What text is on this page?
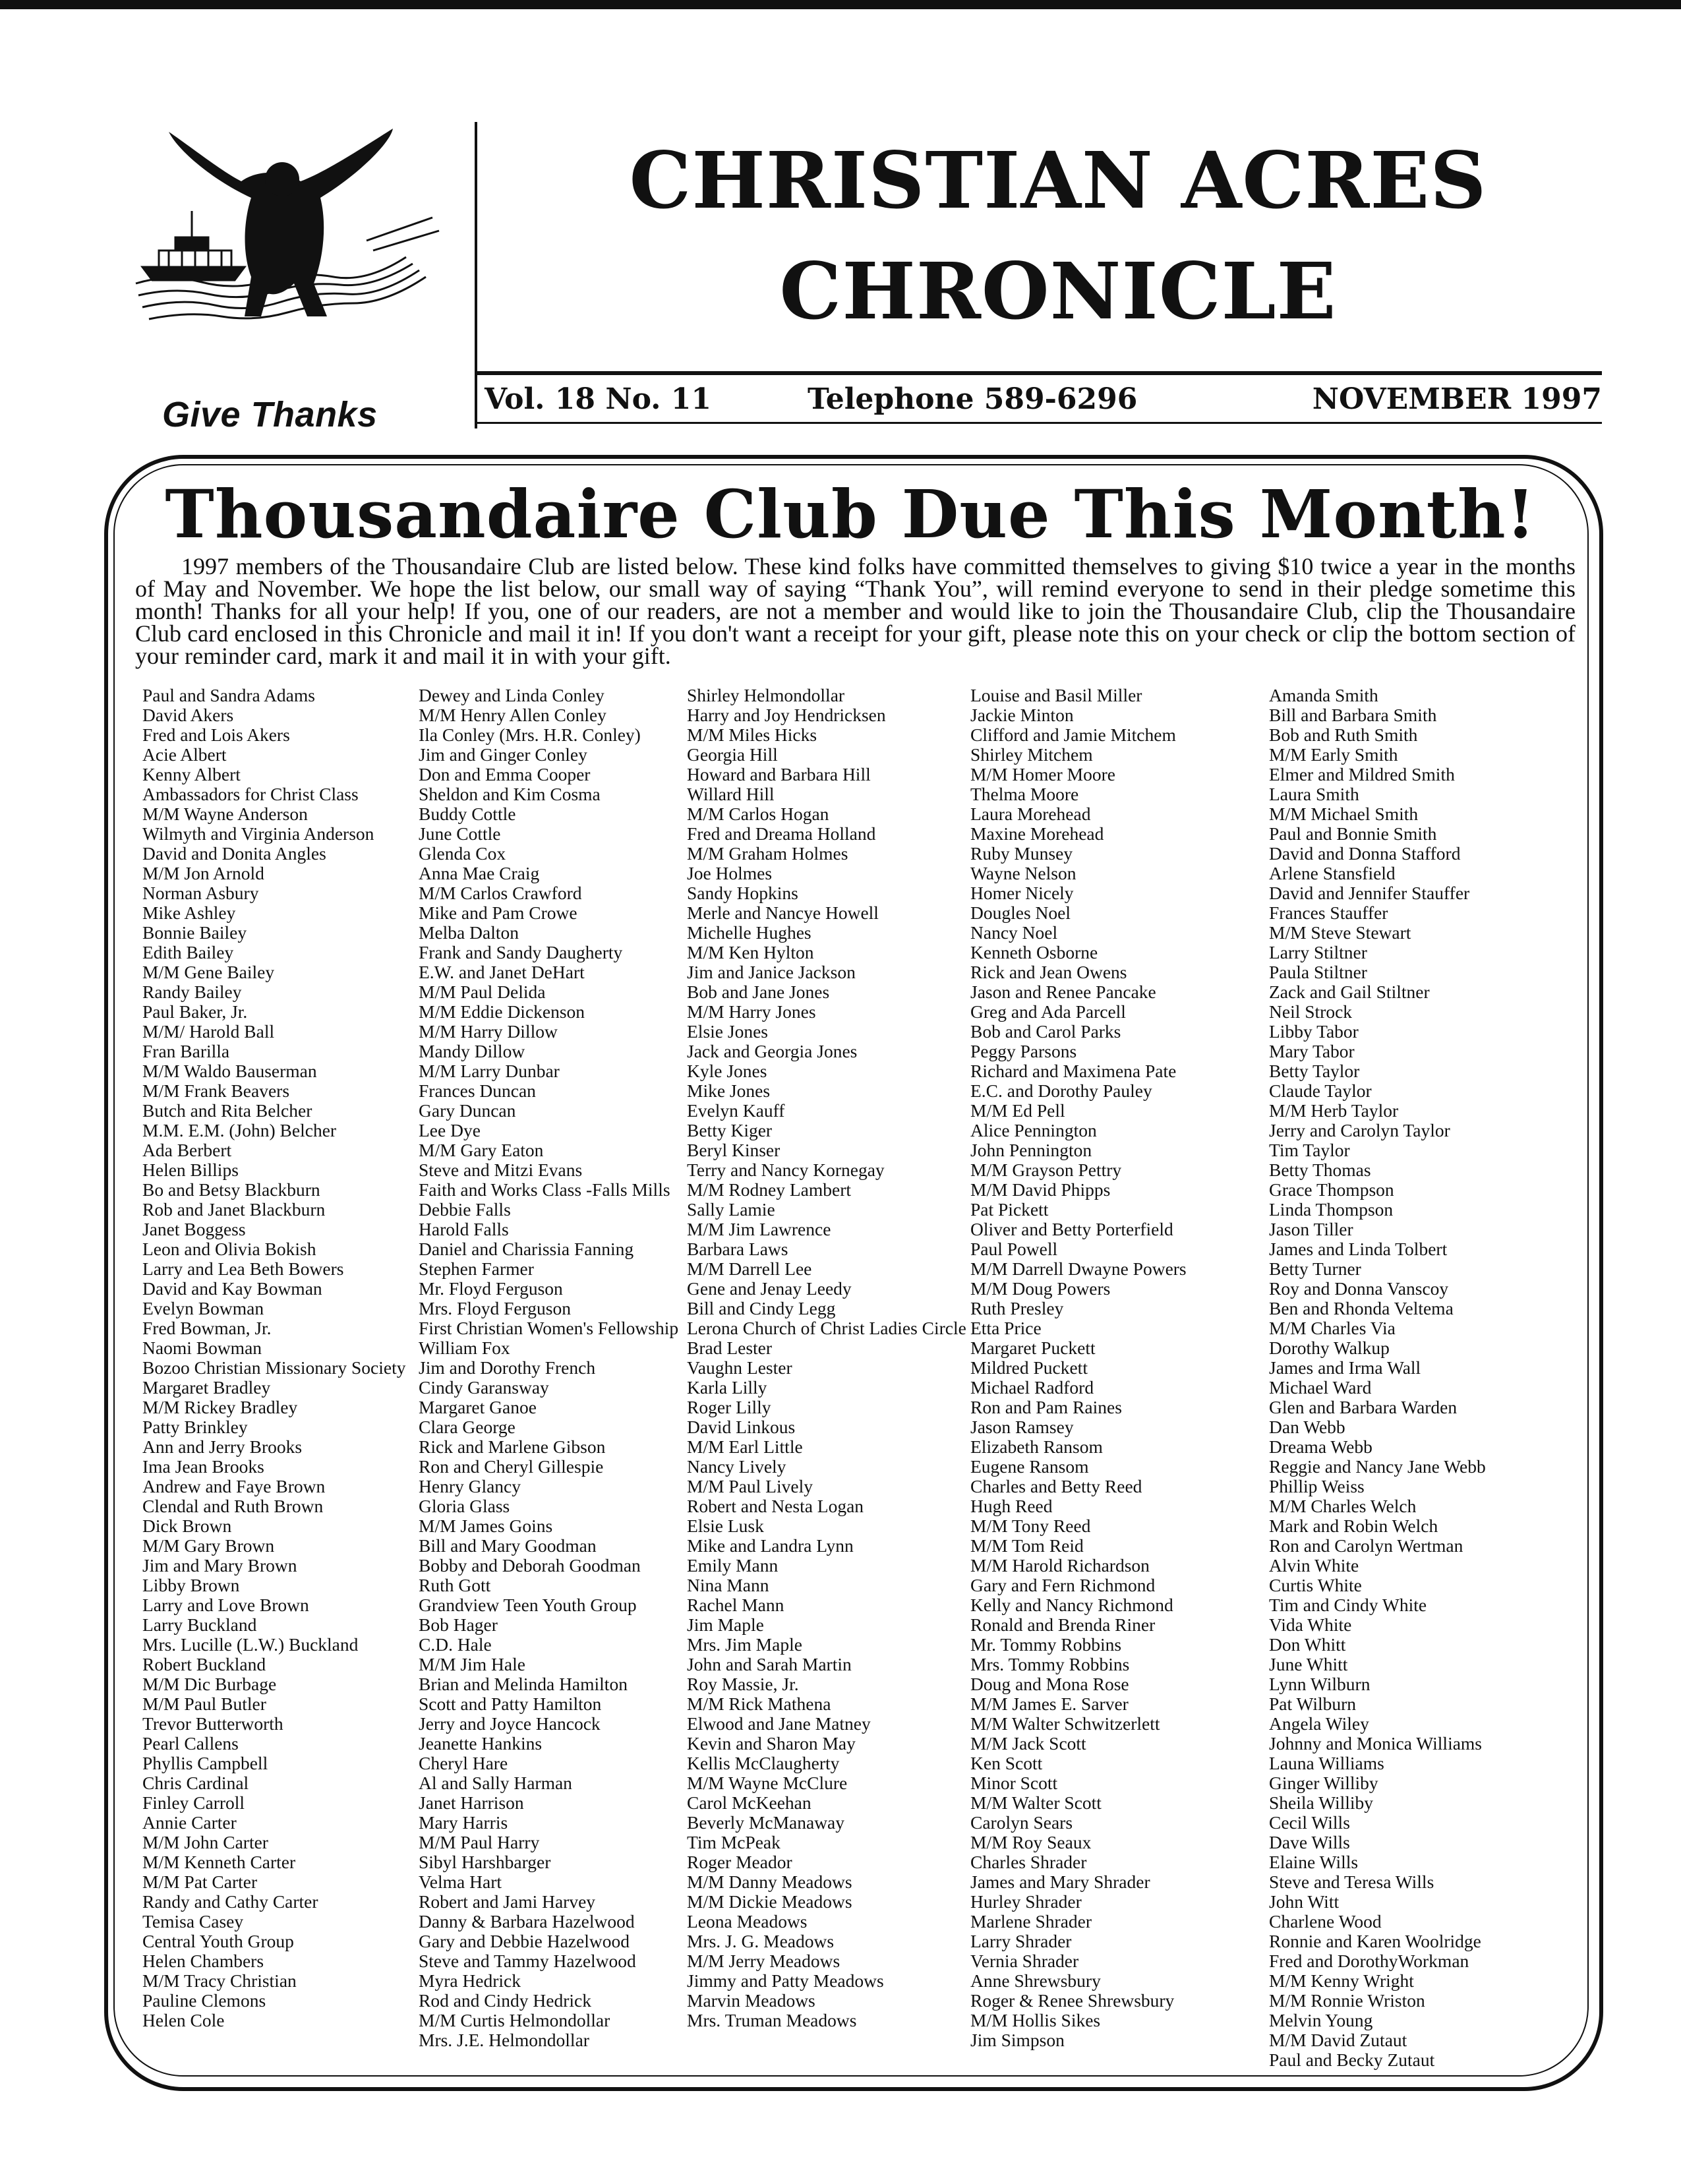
Give Thanks
CHRISTIAN ACRES
CHRONICLE
Vol. 18 No. 11	Telephone 589-6296	NOVEMBER 1997
Thousandaire Club Due This Month!
1997 members of the Thousandaire Club are listed below. These kind folks have committed themselves to giving $10 twice a year in the months of May and November. We hope the list below, our small way of saying “Thank You”, will remind everyone to send in their pledge sometime this month! Thanks for all your help! If you, one of our readers, are not a member and would like to join the Thousandaire Club, clip the Thousandaire Club card enclosed in this Chronicle and mail it in! If you don't want a receipt for your gift, please note this on your check or clip the bottom section of your reminder card, mark it and mail it in with your gift.
Paul and Sandra Adams
David Akers
Fred and Lois Akers
Acie Albert
Kenny Albert
Ambassadors for Christ Class
M/M Wayne Anderson
Wilmyth and Virginia Anderson
David and Donita Angles
M/M Jon Arnold
Norman Asbury
Mike Ashley
Bonnie Bailey
Edith Bailey
M/M Gene Bailey
Randy Bailey
Paul Baker, Jr.
M/M/ Harold Ball
Fran Barilla
M/M Waldo Bauserman
M/M Frank Beavers
Butch and Rita Belcher
M.M. E.M. (John) Belcher
Ada Berbert
Helen Billips
Bo and Betsy Blackburn
Rob and Janet Blackburn
Janet Boggess
Leon and Olivia Bokish
Larry and Lea Beth Bowers
David and Kay Bowman
Evelyn Bowman
Fred Bowman, Jr.
Naomi Bowman
Bozoo Christian Missionary Society
Margaret Bradley
M/M Rickey Bradley
Patty Brinkley
Ann and Jerry Brooks
Ima Jean Brooks
Andrew and Faye Brown
Clendal and Ruth Brown
Dick Brown
M/M Gary Brown
Jim and Mary Brown
Libby Brown
Larry and Love Brown
Larry Buckland
Mrs. Lucille (L.W.) Buckland
Robert Buckland
M/M Dic Burbage
M/M Paul Butler
Trevor Butterworth
Pearl Callens
Phyllis Campbell
Chris Cardinal
Finley Carroll
Annie Carter
M/M John Carter
M/M Kenneth Carter
M/M Pat Carter
Randy and Cathy Carter
Temisa Casey
Central Youth Group
Helen Chambers
M/M Tracy Christian
Pauline Clemons
Helen Cole
Dewey and Linda Conley
M/M Henry Allen Conley
Ila Conley (Mrs. H.R. Conley)
Jim and Ginger Conley
Don and Emma Cooper
Sheldon and Kim Cosma
Buddy Cottle
June Cottle
Glenda Cox
Anna Mae Craig
M/M Carlos Crawford
Mike and Pam Crowe
Melba Dalton
Frank and Sandy Daugherty
E.W. and Janet DeHart
M/M Paul Delida
M/M Eddie Dickenson
M/M Harry Dillow
Mandy Dillow
M/M Larry Dunbar
Frances Duncan
Gary Duncan
Lee Dye
M/M Gary Eaton
Steve and Mitzi Evans
Faith and Works Class -Falls Mills
Debbie Falls
Harold Falls
Daniel and Charissia Fanning
Stephen Farmer
Mr. Floyd Ferguson
Mrs. Floyd Ferguson
First Christian Women's Fellowship
William Fox
Jim and Dorothy French
Cindy Garansway
Margaret Ganoe
Clara George
Rick and Marlene Gibson
Ron and Cheryl Gillespie
Henry Glancy
Gloria Glass
M/M James Goins
Bill and Mary Goodman
Bobby and Deborah Goodman
Ruth Gott
Grandview Teen Youth Group
Bob Hager
C.D. Hale
M/M Jim Hale
Brian and Melinda Hamilton
Scott and Patty Hamilton
Jerry and Joyce Hancock
Jeanette Hankins
Cheryl Hare
Al and Sally Harman
Janet Harrison
Mary Harris
M/M Paul Harry
Sibyl Harshbarger
Velma Hart
Robert and Jami Harvey
Danny & Barbara Hazelwood
Gary and Debbie Hazelwood
Steve and Tammy Hazelwood
Myra Hedrick
Rod and Cindy Hedrick
M/M Curtis Helmondollar
Mrs. J.E. Helmondollar
Shirley Helmondollar
Harry and Joy Hendricksen
M/M Miles Hicks
Georgia Hill
Howard and Barbara Hill
Willard Hill
M/M Carlos Hogan
Fred and Dreama Holland
M/M Graham Holmes
Joe Holmes
Sandy Hopkins
Merle and Nancye Howell
Michelle Hughes
M/M Ken Hylton
Jim and Janice Jackson
Bob and Jane Jones
M/M Harry Jones
Elsie Jones
Jack and Georgia Jones
Kyle Jones
Mike Jones
Evelyn Kauff
Betty Kiger
Beryl Kinser
Terry and Nancy Kornegay
M/M Rodney Lambert
Sally Lamie
M/M Jim Lawrence
Barbara Laws
M/M Darrell Lee
Gene and Jenay Leedy
Bill and Cindy Legg
Lerona Church of Christ Ladies Circle
Brad Lester
Vaughn Lester
Karla Lilly
Roger Lilly
David Linkous
M/M Earl Little
Nancy Lively
M/M Paul Lively
Robert and Nesta Logan
Elsie Lusk
Mike and Landra Lynn
Emily Mann
Nina Mann
Rachel Mann
Jim Maple
Mrs. Jim Maple
John and Sarah Martin
Roy Massie, Jr.
M/M Rick Mathena
Elwood and Jane Matney
Kevin and Sharon May
Kellis McClaugherty
M/M Wayne McClure
Carol McKeehan
Beverly McManaway
Tim McPeak
Roger Meador
M/M Danny Meadows
M/M Dickie Meadows
Leona Meadows
Mrs. J. G. Meadows
M/M Jerry Meadows
Jimmy and Patty Meadows
Marvin Meadows
Mrs. Truman Meadows
Louise and Basil Miller
Jackie Minton
Clifford and Jamie Mitchem
Shirley Mitchem
M/M Homer Moore
Thelma Moore
Laura Morehead
Maxine Morehead
Ruby Munsey
Wayne Nelson
Homer Nicely
Dougles Noel
Nancy Noel
Kenneth Osborne
Rick and Jean Owens
Jason and Renee Pancake
Greg and Ada Parcell
Bob and Carol Parks
Peggy Parsons
Richard and Maximena Pate
E.C. and Dorothy Pauley
M/M Ed Pell
Alice Pennington
John Pennington
M/M Grayson Pettry
M/M David Phipps
Pat Pickett
Oliver and Betty Porterfield
Paul Powell
M/M Darrell Dwayne Powers
M/M Doug Powers
Ruth Presley
Etta Price
Margaret Puckett
Mildred Puckett
Michael Radford
Ron and Pam Raines
Jason Ramsey
Elizabeth Ransom
Eugene Ransom
Charles and Betty Reed
Hugh Reed
M/M Tony Reed
M/M Tom Reid
M/M Harold Richardson
Gary and Fern Richmond
Kelly and Nancy Richmond
Ronald and Brenda Riner
Mr. Tommy Robbins
Mrs. Tommy Robbins
Doug and Mona Rose
M/M James E. Sarver
M/M Walter Schwitzerlett
M/M Jack Scott
Ken Scott
Minor Scott
M/M Walter Scott
Carolyn Sears
M/M Roy Seaux
Charles Shrader
James and Mary Shrader
Hurley Shrader
Marlene Shrader
Larry Shrader
Vernia Shrader
Anne Shrewsbury
Roger & Renee Shrewsbury
M/M Hollis Sikes
Jim Simpson
Amanda Smith
Bill and Barbara Smith
Bob and Ruth Smith
M/M Early Smith
Elmer and Mildred Smith
Laura Smith
M/M Michael Smith
Paul and Bonnie Smith
David and Donna Stafford
Arlene Stansfield
David and Jennifer Stauffer
Frances Stauffer
M/M Steve Stewart
Larry Stiltner
Paula Stiltner
Zack and Gail Stiltner
Neil Strock
Libby Tabor
Mary Tabor
Betty Taylor
Claude Taylor
M/M Herb Taylor
Jerry and Carolyn Taylor
Tim Taylor
Betty Thomas
Grace Thompson
Linda Thompson
Jason Tiller
James and Linda Tolbert
Betty Turner
Roy and Donna Vanscoy
Ben and Rhonda Veltema
M/M Charles Via
Dorothy Walkup
James and Irma Wall
Michael Ward
Glen and Barbara Warden
Dan Webb
Dreama Webb
Reggie and Nancy Jane Webb
Phillip Weiss
M/M Charles Welch
Mark and Robin Welch
Ron and Carolyn Wertman
Alvin White
Curtis White
Tim and Cindy White
Vida White
Don Whitt
June Whitt
Lynn Wilburn
Pat Wilburn
Angela Wiley
Johnny and Monica Williams
Launa Williams
Ginger Williby
Sheila Williby
Cecil Wills
Dave Wills
Elaine Wills
Steve and Teresa Wills
John Witt
Charlene Wood
Ronnie and Karen Woolridge
Fred and DorothyWorkman
M/M Kenny Wright
M/M Ronnie Wriston
Melvin Young
M/M David Zutaut
Paul and Becky Zutaut
